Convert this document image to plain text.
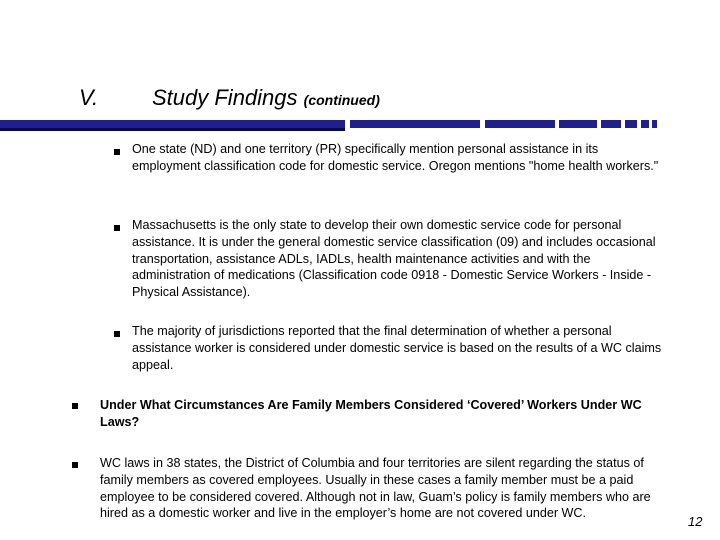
V. Study Findings (continued)
One state (ND) and one territory (PR) specifically mention personal assistance in its employment classification code for domestic service. Oregon mentions "home health workers."
Massachusetts is the only state to develop their own domestic service code for personal assistance. It is under the general domestic service classification (09) and includes occasional transportation, assistance ADLs, IADLs, health maintenance activities and with the administration of medications (Classification code 0918 - Domestic Service Workers - Inside -Physical Assistance).
The majority of jurisdictions reported that the final determination of whether a personal assistance worker is considered under domestic service is based on the results of a WC claims appeal.
Under What Circumstances Are Family Members Considered ‘Covered’ Workers Under WC Laws?
WC laws in 38 states, the District of Columbia and four territories are silent regarding the status of family members as covered employees. Usually in these cases a family member must be a paid employee to be considered covered. Although not in law, Guam’s policy is family members who are hired as a domestic worker and live in the employer’s home are not covered under WC.
12
